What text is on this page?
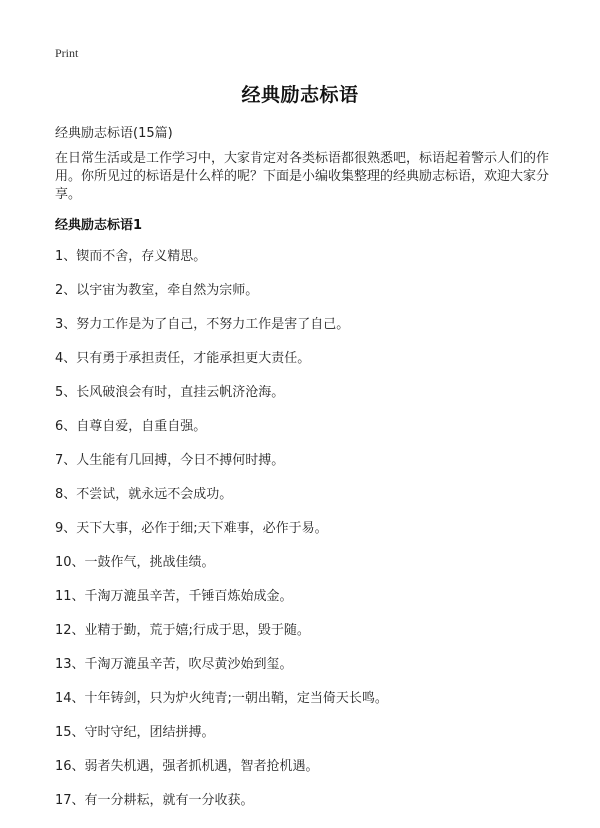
Print
经典励志标语
经典励志标语(15篇)

在日常生活或是工作学习中，大家肯定对各类标语都很熟悉吧，标语起着警示人们的作用。你所见过的标语是什么样的呢？下面是小编收集整理的经典励志标语，欢迎大家分享。

经典励志标语1
1、锲而不舍，存义精思。
2、以宇宙为教室，牵自然为宗师。
3、努力工作是为了自己，不努力工作是害了自己。
4、只有勇于承担责任，才能承担更大责任。
5、长风破浪会有时，直挂云帆济沧海。
6、自尊自爱，自重自强。
7、人生能有几回搏，今日不搏何时搏。
8、不尝试，就永远不会成功。
9、天下大事，必作于细;天下难事，必作于易。
10、一鼓作气，挑战佳绩。
11、千淘万漉虽辛苦，千锤百炼始成金。
12、业精于勤，荒于嬉;行成于思，毁于随。
13、千淘万漉虽辛苦，吹尽黄沙始到玺。
14、十年铸剑，只为炉火纯青;一朝出鞘，定当倚天长鸣。
15、守时守纪，团结拼搏。
16、弱者失机遇，强者抓机遇，智者抢机遇。
17、有一分耕耘，就有一分收获。
